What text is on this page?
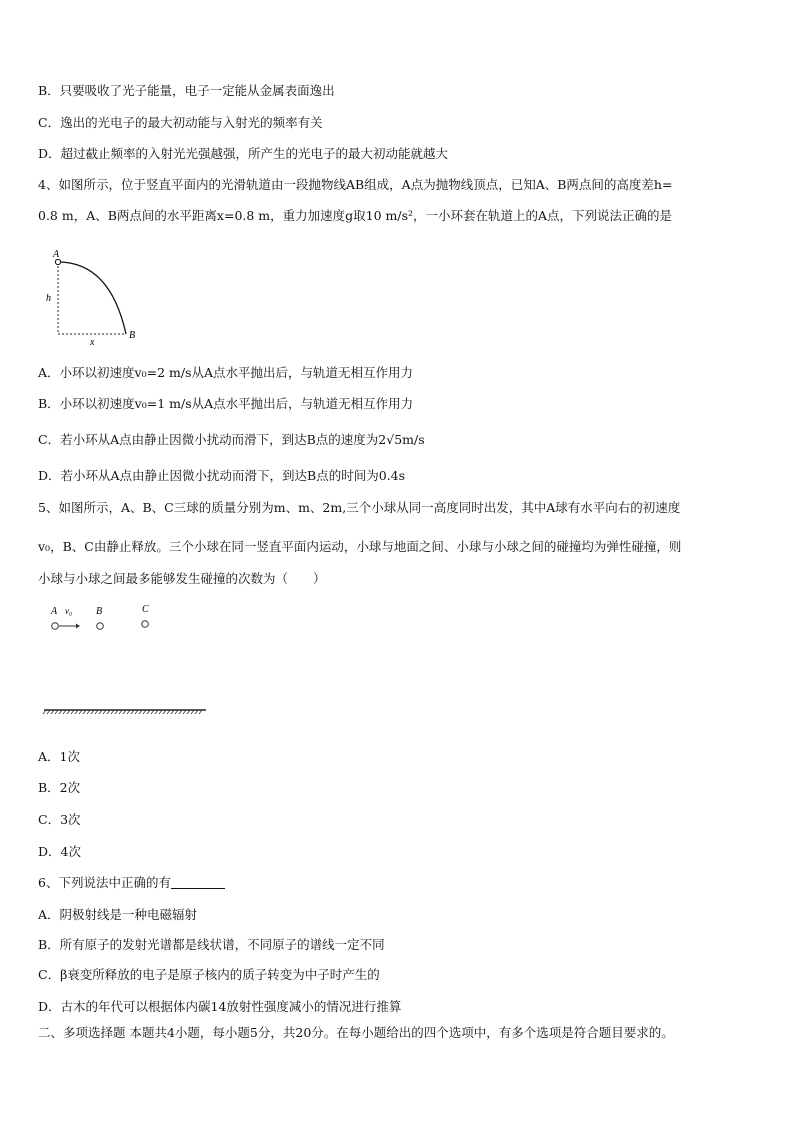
B．只要吸收了光子能量，电子一定能从金属表面逸出
C．逸出的光电子的最大初动能与入射光的频率有关
D．超过截止频率的入射光光强越强，所产生的光电子的最大初动能就越大
4、如图所示，位于竖直平面内的光滑轨道由一段抛物线AB组成，A点为抛物线顶点，已知A、B两点间的高度差h=
0.8 m，A、B两点间的水平距离x=0.8 m，重力加速度g取10 m/s²，一小环套在轨道上的A点，下列说法正确的是
A
h
x
B
A．小环以初速度v₀=2 m/s从A点水平抛出后，与轨道无相互作用力
B．小环以初速度v₀=1 m/s从A点水平抛出后，与轨道无相互作用力
C．若小环从A点由静止因微小扰动而滑下，到达B点的速度为2√5m/s
D．若小环从A点由静止因微小扰动而滑下，到达B点的时间为0.4s
5、如图所示，A、B、C三球的质量分别为m、m、2m,三个小球从同一高度同时出发，其中A球有水平向右的初速度
v₀，B、C由静止释放。三个小球在同一竖直平面内运动，小球与地面之间、小球与小球之间的碰撞均为弹性碰撞，则
小球与小球之间最多能够发生碰撞的次数为（　　）
A v₀ B	C
A．1次
B．2次
C．3次
D．4次
6、下列说法中正确的有
A．阴极射线是一种电磁辐射
B．所有原子的发射光谱都是线状谱，不同原子的谱线一定不同
C．β衰变所释放的电子是原子核内的质子转变为中子时产生的
D．古木的年代可以根据体内碳14放射性强度减小的情况进行推算
二、多项选择题 本题共4小题，每小题5分，共20分。在每小题给出的四个选项中，有多个选项是符合题目要求的。
